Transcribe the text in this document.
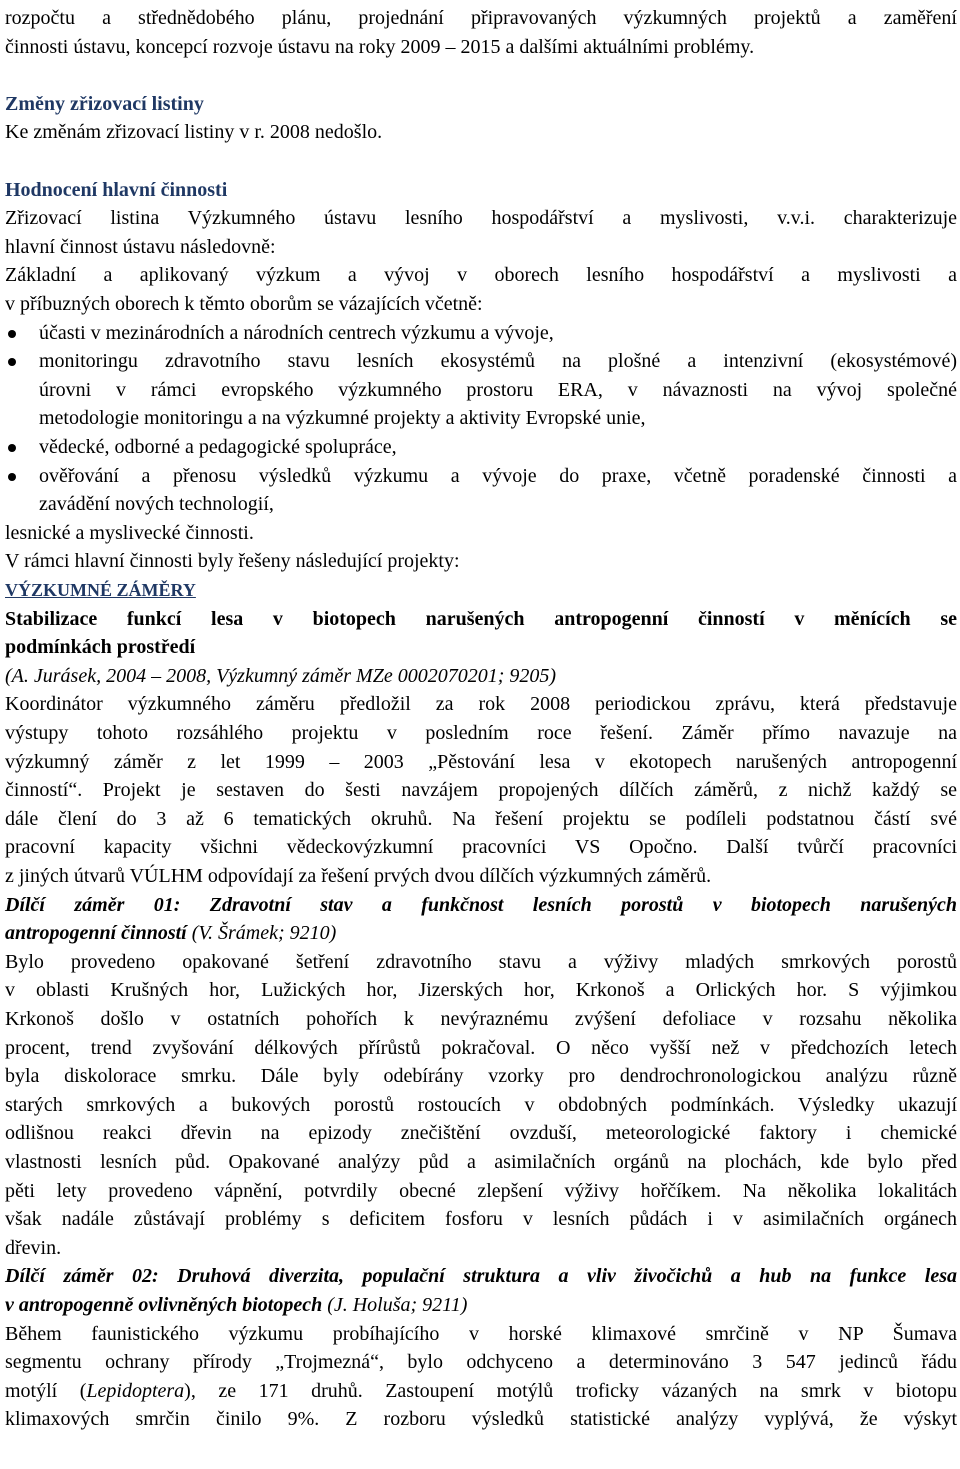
rozpočtu a střednědobého plánu, projednání připravovaných výzkumných projektů a zaměření
činnosti ústavu, koncepcí rozvoje ústavu na roky 2009 – 2015 a dalšími aktuálními problémy.
Změny zřizovací listiny
Ke změnám zřizovací listiny v r. 2008 nedošlo.
Hodnocení hlavní činnosti
Zřizovací listina Výzkumného ústavu lesního hospodářství a myslivosti, v.v.i. charakterizuje
hlavní činnost ústavu následovně:
Základní a aplikovaný výzkum a vývoj v oborech lesního hospodářství a myslivosti a
v příbuzných oborech k těmto oborům se vázajících včetně:
účasti v mezinárodních a národních centrech výzkumu a vývoje,
monitoringu zdravotního stavu lesních ekosystémů na plošné a intenzivní (ekosystémové)
úrovni v rámci evropského výzkumného prostoru ERA, v návaznosti na vývoj společné
metodologie monitoringu a na výzkumné projekty a aktivity Evropské unie,
vědecké, odborné a pedagogické spolupráce,
ověřování a přenosu výsledků výzkumu a vývoje do praxe, včetně poradenské činnosti a
zavádění nových technologií,
lesnické a myslivecké činnosti.
V rámci hlavní činnosti byly řešeny následující projekty:
VÝZKUMNÉ ZÁMĚRY
Stabilizace funkcí lesa v biotopech narušených antropogenní činností v měnících se
podmínkách prostředí
(A. Jurásek, 2004 – 2008, Výzkumný záměr MZe 0002070201; 9205)
Koordinátor výzkumného záměru předložil za rok 2008 periodickou zprávu, která představuje
výstupy tohoto rozsáhlého projektu v posledním roce řešení. Záměr přímo navazuje na
výzkumný záměr z let 1999 – 2003 „Pěstování lesa v ekotopech narušených antropogenní
činností“. Projekt je sestaven do šesti navzájem propojených dílčích záměrů, z nichž každý se
dále člení do 3 až 6 tematických okruhů. Na řešení projektu se podíleli podstatnou částí své
pracovní kapacity všichni vědeckovýzkumní pracovníci VS Opočno. Další tvůrčí pracovníci
z jiných útvarů VÚLHM odpovídají za řešení prvých dvou dílčích výzkumných záměrů.
Dílčí záměr 01: Zdravotní stav a funkčnost lesních porostů v biotopech narušených
antropogenní činností (V. Šrámek; 9210)
Bylo provedeno opakované šetření zdravotního stavu a výživy mladých smrkových porostů
v oblasti Krušných hor, Lužických hor, Jizerských hor, Krkonoš a Orlických hor. S výjimkou
Krkonoš došlo v ostatních pohořích k nevýraznému zvýšení defoliace v rozsahu několika
procent, trend zvyšování délkových přírůstů pokračoval. O něco vyšší než v předchozích letech
byla diskolorace smrku. Dále byly odebírány vzorky pro dendrochronologickou analýzu různě
starých smrkových a bukových porostů rostoucích v obdobných podmínkách. Výsledky ukazují
odlišnou reakci dřevin na epizody znečištění ovzduší, meteorologické faktory i chemické
vlastnosti lesních půd. Opakované analýzy půd a asimilačních orgánů na plochách, kde bylo před
pěti lety provedeno vápnění, potvrdily obecné zlepšení výživy hořčíkem. Na několika lokalitách
však nadále zůstávají problémy s deficitem fosforu v lesních půdách i v asimilačních orgánech
dřevin.
Dílčí záměr 02: Druhová diverzita, populační struktura a vliv živočichů a hub na funkce lesa
v antropogenně ovlivněných biotopech (J. Holuša; 9211)
Během faunistického výzkumu probíhajícího v horské klimaxové smrčině v NP Šumava
segmentu ochrany přírody „Trojmezná“, bylo odchyceno a determinováno 3 547 jedinců řádu
motýlí (Lepidoptera), ze 171 druhů. Zastoupení motýlů troficky vázaných na smrk v biotopu
klimaxových smrčin činilo 9%. Z rozboru výsledků statistické analýzy vyplývá, že výskyt
